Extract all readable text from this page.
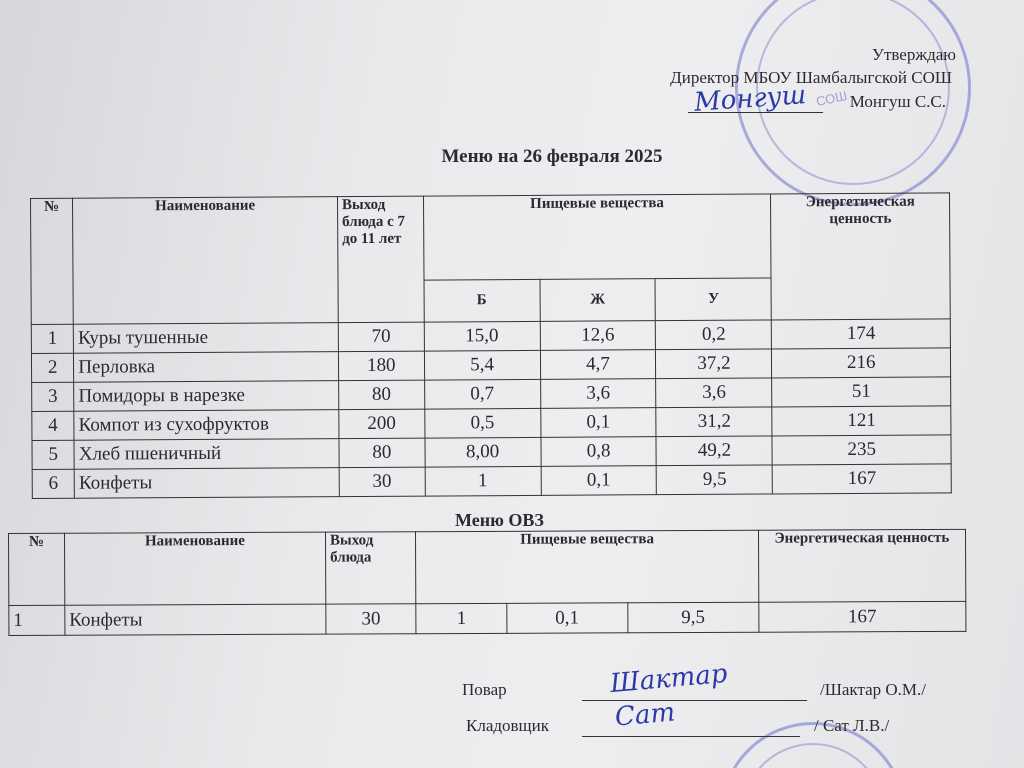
СОШ
Утверждаю
Директор МБОУ Шамбалыгской СОШ
Монгуш	Монгуш С.С.
Меню на 26 февраля 2025
№	Наименование	Выход блюда с 7 до 11 лет	Пищевые вещества			Энергетическая ценность
			Б	Ж	У	
1	Куры тушенные	70	15,0	12,6	0,2	174
2	Перловка	180	5,4	4,7	37,2	216
3	Помидоры в нарезке	80	0,7	3,6	3,6	51
4	Компот из сухофруктов	200	0,5	0,1	31,2	121
5	Хлеб пшеничный	80	8,00	0,8	49,2	235
6	Конфеты	30	1	0,1	9,5	167
Меню ОВЗ
№	Наименование	Выход блюда	Пищевые вещества			Энергетическая ценность
1	Конфеты	30	1	0,1	9,5	167
Повар	Шактар	/Шактар О.М./
Кладовщик Сат	/ Сат Л.В./
